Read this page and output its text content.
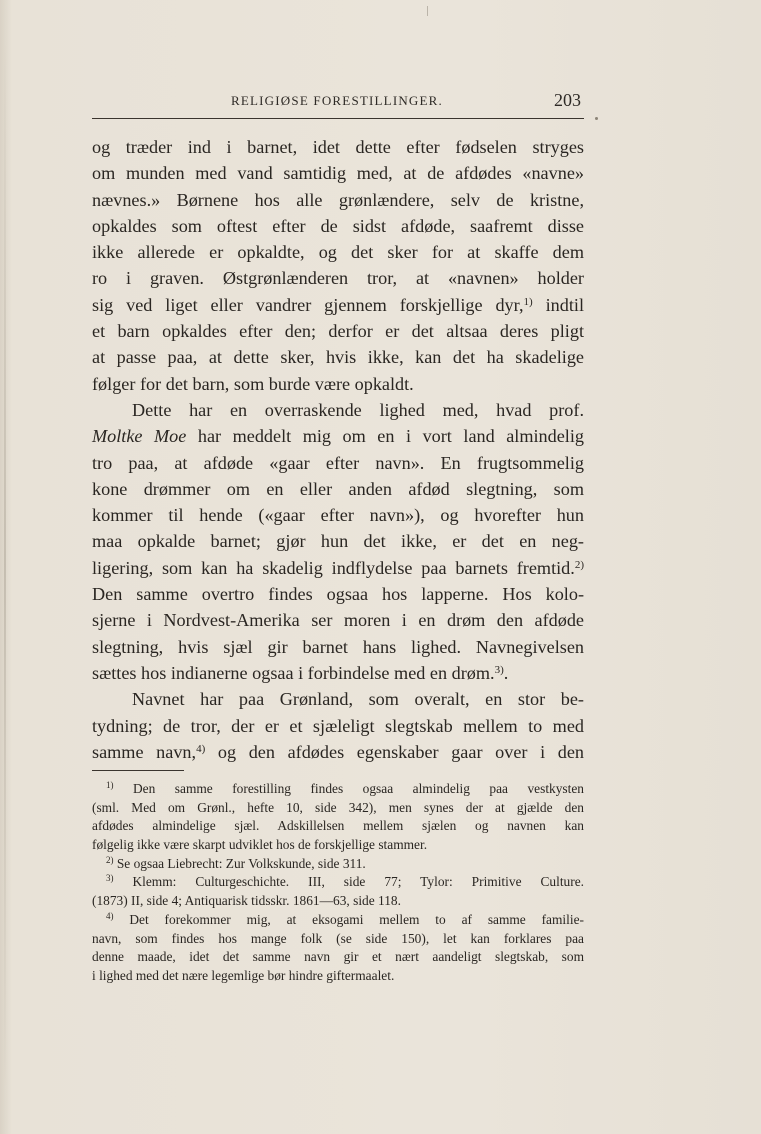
RELIGIØSE FORESTILLINGER.	203
og træder ind i barnet, idet dette efter fødselen stryges
om munden med vand samtidig med, at de afdødes «navne»
nævnes.» Børnene hos alle grønlændere, selv de kristne,
opkaldes som oftest efter de sidst afdøde, saafremt disse
ikke allerede er opkaldte, og det sker for at skaffe dem
ro i graven. Østgrønlænderen tror, at «navnen» holder
sig ved liget eller vandrer gjennem forskjellige dyr,$^{1)}$ indtil
et barn opkaldes efter den; derfor er det altsaa deres pligt
at passe paa, at dette sker, hvis ikke, kan det ha skadelige
følger for det barn, som burde være opkaldt.
Dette har en overraskende lighed med, hvad prof.
Moltke Moe har meddelt mig om en i vort land almindelig
tro paa, at afdøde «gaar efter navn». En frugtsommelig
kone drømmer om en eller anden afdød slegtning, som
kommer til hende («gaar efter navn»), og hvorefter hun
maa opkalde barnet; gjør hun det ikke, er det en neg-
ligering, som kan ha skadelig indflydelse paa barnets fremtid.$^{2)}$
Den samme overtro findes ogsaa hos lapperne. Hos kolo-
sjerne i Nordvest-Amerika ser moren i en drøm den afdøde
slegtning, hvis sjæl gir barnet hans lighed. Navnegivelsen
sættes hos indianerne ogsaa i forbindelse med en drøm.$^{3)}$.
Navnet har paa Grønland, som overalt, en stor be-
tydning; de tror, der er et sjæleligt slegtskab mellem to med
samme navn,$^{4)}$ og den afdødes egenskaber gaar over i den
$^{1)}$ Den samme forestilling findes ogsaa almindelig paa vestkysten
(sml. Med om Grønl., hefte 10, side 342), men synes der at gjælde den
afdødes almindelige sjæl. Adskillelsen mellem sjælen og navnen kan
følgelig ikke være skarpt udviklet hos de forskjellige stammer.
$^{2)}$ Se ogsaa Liebrecht: Zur Volkskunde, side 311.
$^{3)}$ Klemm: Culturgeschichte. III, side 77; Tylor: Primitive Culture.
(1873) II, side 4; Antiquarisk tidsskr. 1861—63, side 118.
$^{4)}$ Det forekommer mig, at eksogami mellem to af samme familie-
navn, som findes hos mange folk (se side 150), let kan forklares paa
denne maade, idet det samme navn gir et nært aandeligt slegtskab, som
i lighed med det nære legemlige bør hindre giftermaalet.
